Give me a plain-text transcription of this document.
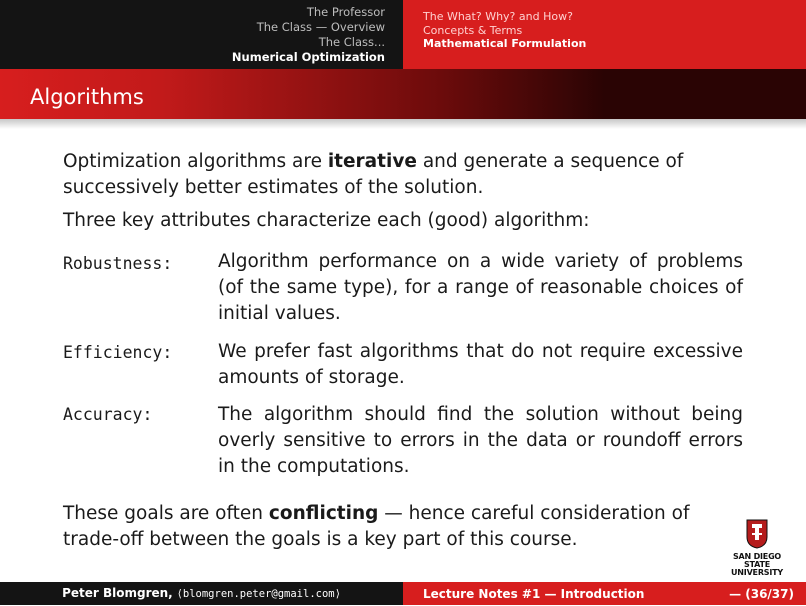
The Professor
The Class — Overview
The Class...
Numerical Optimization
The What? Why? and How?
Concepts & Terms
Mathematical Formulation
Algorithms
Optimization algorithms are iterative and generate a sequence of successively better estimates of the solution.
Three key attributes characterize each (good) algorithm:
Robustness: Algorithm performance on a wide variety of problems (of the same type), for a range of reasonable choices of initial values.
Efficiency: We prefer fast algorithms that do not require excessive amounts of storage.
Accuracy:	The algorithm should find the solution without being overly sensitive to errors in the data or roundoff errors in the computations.
These goals are often conflicting — hence careful consideration of trade-off between the goals is a key part of this course.
SAN DIEGO STATE
UNIVERSITY
Peter Blomgren, ⟨blomgren.peter@gmail.com⟩	Lecture Notes #1 — Introduction	— (36/37)
